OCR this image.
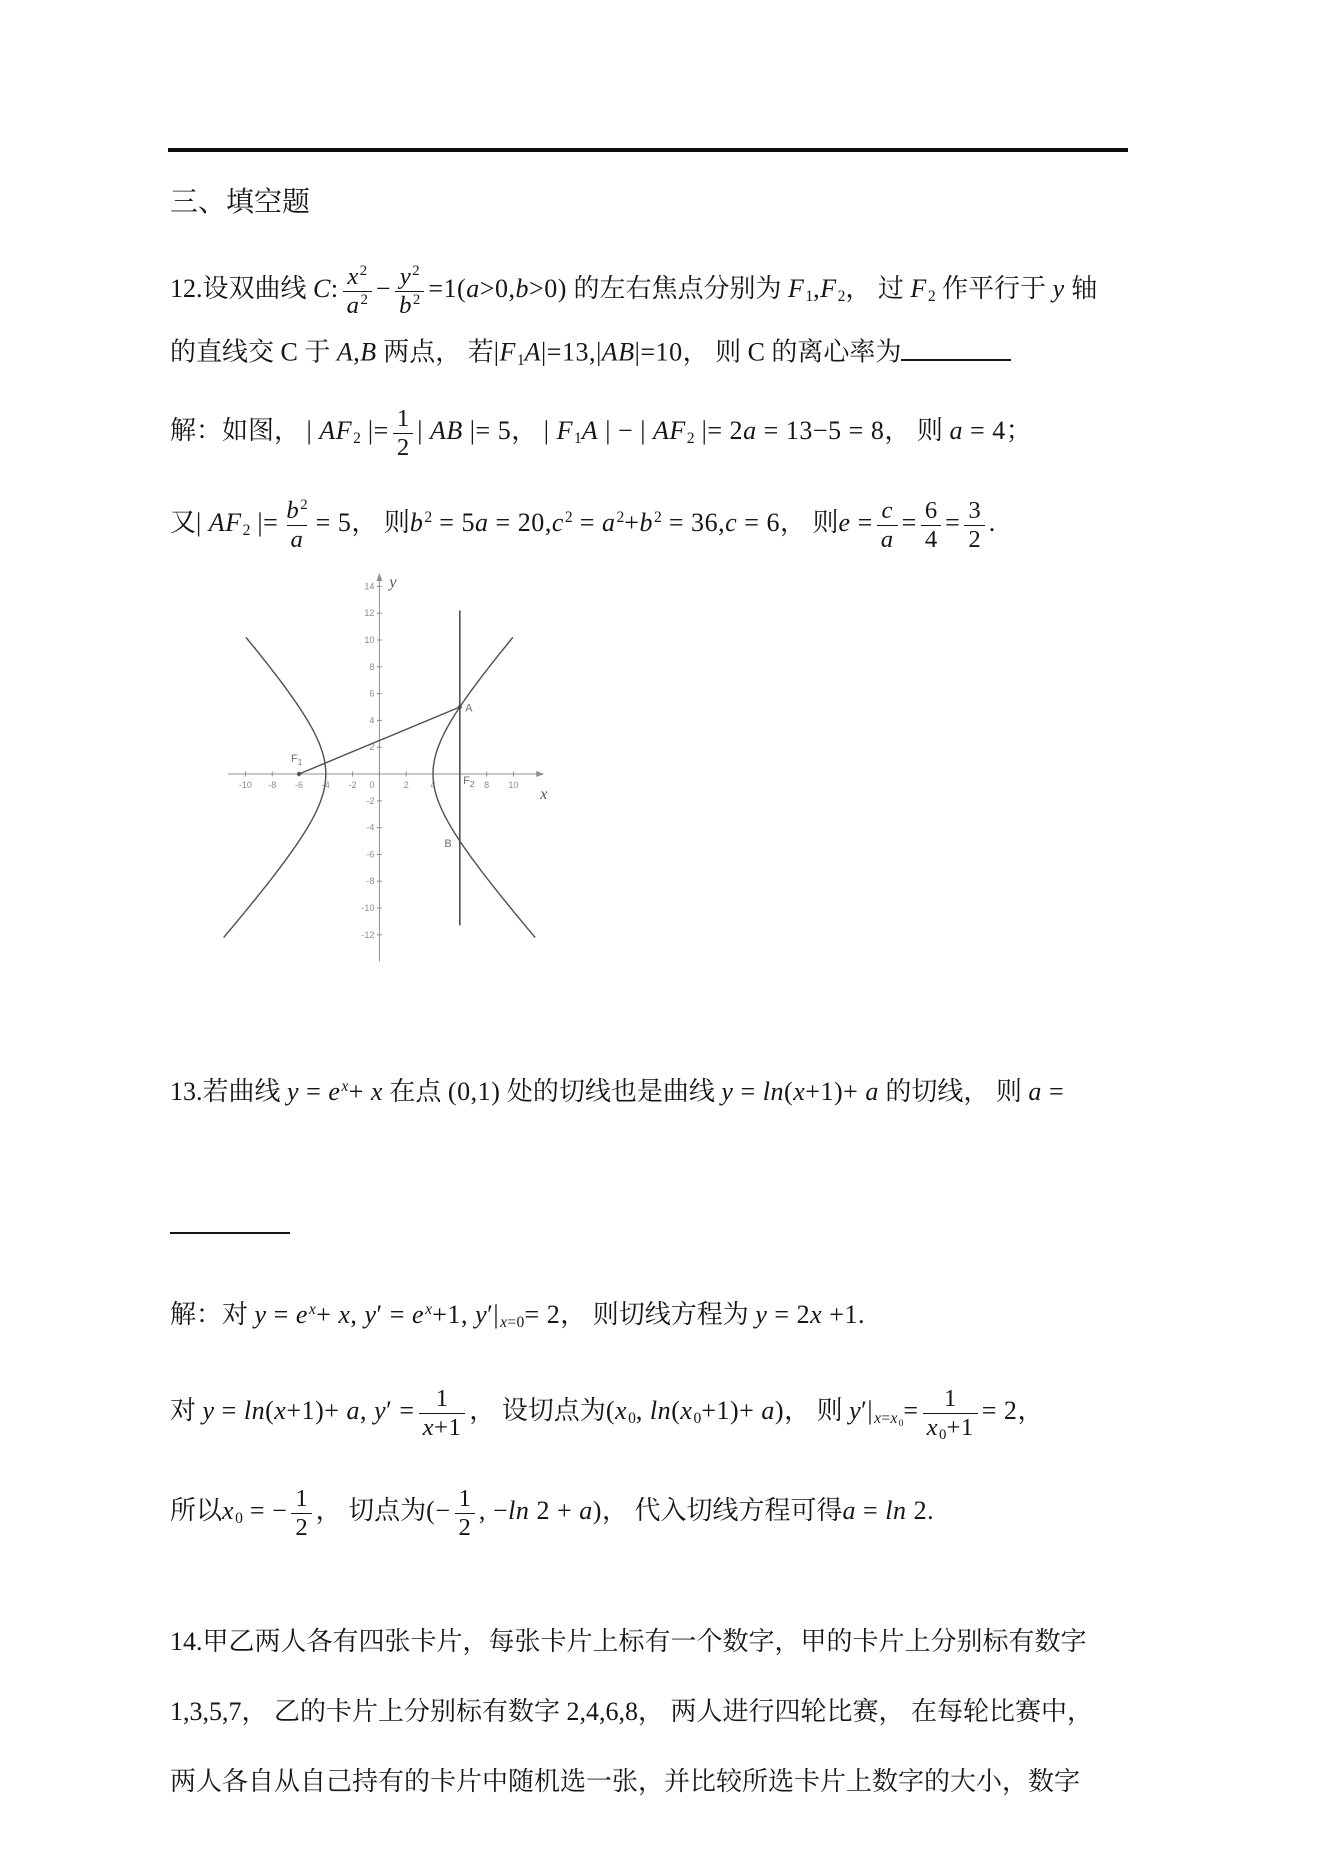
三、填空题
12.设双曲线 C: $\frac{x^2}{a^2} - \frac{y^2}{b^2} =1(a>0,b>0)$ 的左右焦点分别为 F1,F2， 过 F2 作平行于 y 轴
的直线交 C 于 A,B 两点， 若|F1A|=13,|AB|=10， 则 C 的离心率为
解：如图， | AF2 |= $\frac{1}{2}$ | AB |= 5， | F1A | − | AF2 |= 2a = 13−5 = 8， 则 a = 4；
又| AF2 |= $\frac{b^2}{a} = 5$， 则$b^2 = 5a = 20,c^2 = a^2+b^2 = 36,c = 6$， 则$e = \frac{c}{a} = \frac{6}{4} = \frac{3}{2}$ .
x
y
-10 -8 -6 -4 -2 0	2 4	8 10
-12
-10
-8
-6
-4
-2
2
4
6
8
10
12
14
$F_1$
$F_2$
A
B
13.若曲线 $y = e^x+ x$ 在点 (0,1) 处的切线也是曲线 y = ln(x+1)+ a 的切线， 则 a =
解：对 $y = e^x+ x$, $y' = e^x+1$, y′|x=0= 2， 则切线方程为 y = 2x +1.
对 y = ln(x+1)+ a, $y' = \frac{1}{x+1}$ ， 设切点为(x0, ln(x0+1)+ a)， 则 $y'|x=x0= \frac{1}{x0+1} = 2$，
所以x0 = − $\frac{1}{2}$ ， 切点为(− $\frac{1}{2}$ , −ln 2 + a)， 代入切线方程可得a = ln 2.
14.甲乙两人各有四张卡片，每张卡片上标有一个数字，甲的卡片上分别标有数字
1,3,5,7， 乙的卡片上分别标有数字 2,4,6,8， 两人进行四轮比赛， 在每轮比赛中，
两人各自从自己持有的卡片中随机选一张，并比较所选卡片上数字的大小，数字
